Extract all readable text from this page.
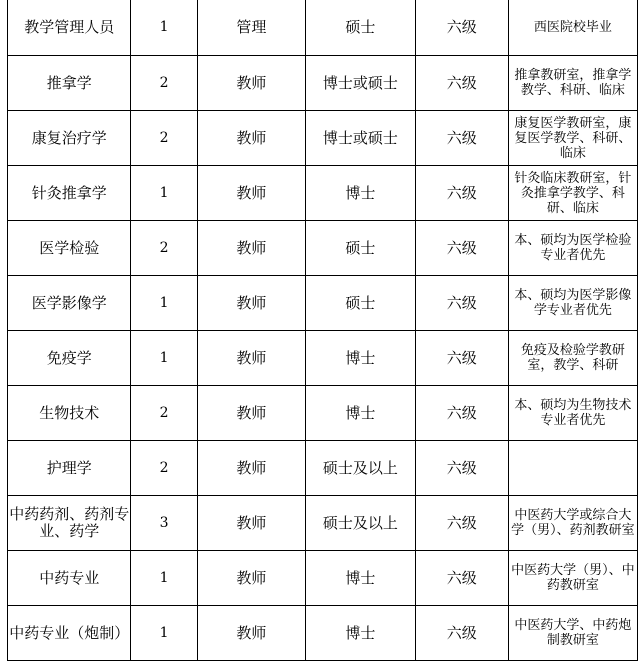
教学管理人员	1	管理	硕士	六级	西医院校毕业
推拿学	2	教师	博士或硕士	六级	推拿教研室，推拿学教学、科研、临床
康复治疗学	2	教师	博士或硕士	六级	康复医学教研室，康复医学教学、科研、临床
针灸推拿学	1	教师	博士	六级	针灸临床教研室，针灸推拿学教学、科研、临床
医学检验	2	教师	硕士	六级	本、硕均为医学检验专业者优先
医学影像学	1	教师	硕士	六级	本、硕均为医学影像学专业者优先
免疫学	1	教师	博士	六级	免疫及检验学教研室，教学、科研
生物技术	2	教师	博士	六级	本、硕均为生物技术专业者优先
护理学	2	教师	硕士及以上	六级	
中药药剂、药剂专业、药学	3	教师	硕士及以上	六级	中医药大学或综合大学（男）、药剂教研室
中药专业	1	教师	博士	六级	中医药大学（男）、中药教研室
中药专业（炮制）	1	教师	博士	六级	中医药大学、中药炮制教研室
